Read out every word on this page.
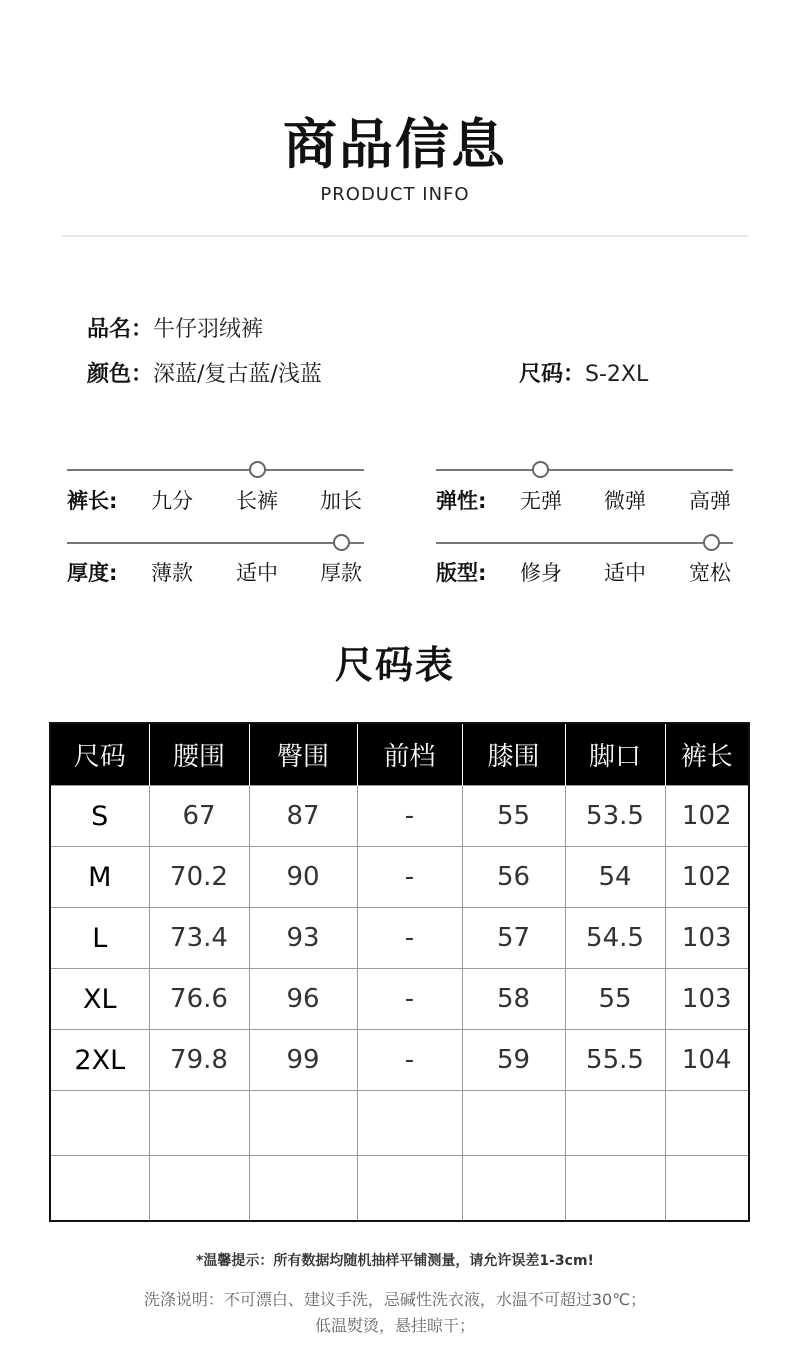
商品信息
PRODUCT INFO
品名：牛仔羽绒裤
颜色：深蓝/复古蓝/浅蓝	尺码：S-2XL
裤长:	九分	长裤	加长	弹性:	无弹	微弹	高弹
厚度:	薄款	适中	厚款	版型:	修身	适中	宽松
尺码表
尺码	腰围	臀围	前档	膝围	脚口	裤长
S	67	87	-	55	53.5	102
M	70.2	90	-	56	54	102
L	73.4	93	-	57	54.5	103
XL	76.6	96	-	58	55	103
2XL	79.8	99	-	59	55.5	104

*温馨提示：所有数据均随机抽样平铺测量，请允许误差1-3cm!
洗涤说明：不可漂白、建议手洗，忌碱性洗衣液，水温不可超过30℃；
低温熨烫，悬挂晾干；
